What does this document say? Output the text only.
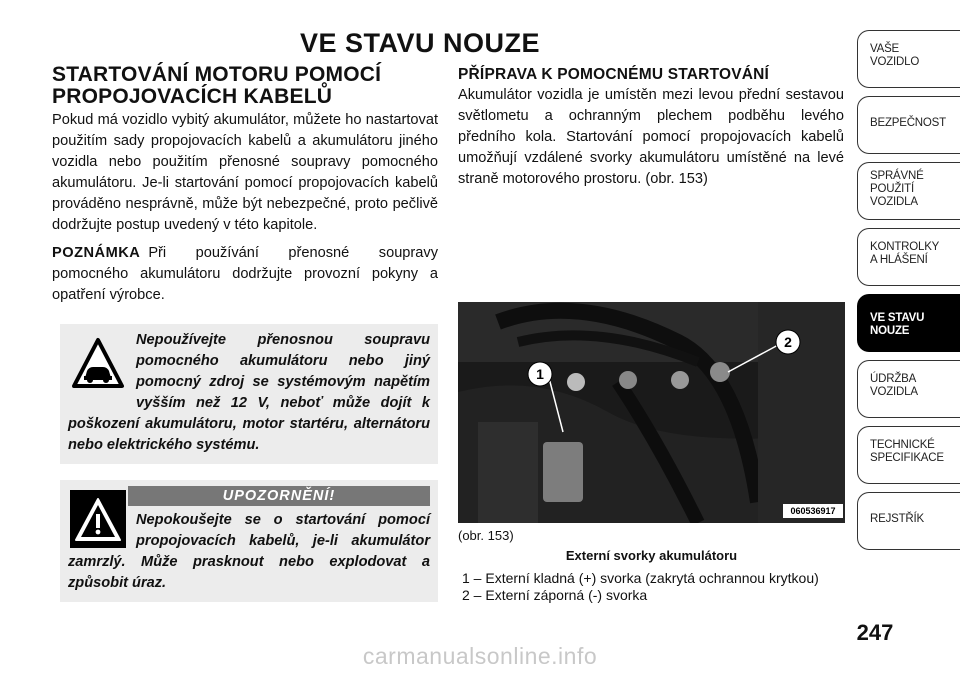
VE STAVU NOUZE
STARTOVÁNÍ MOTORU POMOCÍ
PROPOJOVACÍCH KABELŮ

Pokud má vozidlo vybitý akumulátor, můžete ho nastartovat použitím sady propojovacích kabelů a akumulátoru jiného vozidla nebo použitím přenosné soupravy pomocného akumulátoru. Je-li startování pomocí propojovacích kabelů prováděno nesprávně, může být nebezpečné, proto pečlivě dodržujte postup uvedený v této kapitole.

POZNÁMKA Při používání přenosné soupravy pomocného akumulátoru dodržujte provozní pokyny a opatření výrobce.

Nepoužívejte přenosnou soupravu pomocného akumulátoru nebo jiný pomocný zdroj se systémovým napětím vyšším než 12 V, neboť může dojít k poškození akumulátoru, motor startéru, alternátoru nebo elektrického systému.
UPOZORNĚNÍ!
Nepokoušejte se o startování pomocí propojovacích kabelů, je-li akumulátor zamrzlý. Může prasknout nebo explodovat a způsobit úraz.
PŘÍPRAVA K POMOCNÉMU STARTOVÁNÍ

Akumulátor vozidla je umístěn mezi levou přední sestavou světlometu a ochranným plechem podběhu levého předního kola. Startování pomocí propojovacích kabelů umožňují vzdálené svorky akumulátoru umístěné na levé straně motorového prostoru. (obr. 153)

1
2
060536917
(obr. 153)
Externí svorky akumulátoru
1 – Externí kladná (+) svorka (zakrytá ochrannou krytkou)
2 – Externí záporná (-) svorka
VAŠE
VOZIDLO
BEZPEČNOST
SPRÁVNÉ
POUŽITÍ
VOZIDLA
KONTROLKY
A HLÁŠENÍ
VE STAVU
NOUZE
ÚDRŽBA
VOZIDLA
TECHNICKÉ
SPECIFIKACE
REJSTŘÍK
247
carmanualsonline.info
